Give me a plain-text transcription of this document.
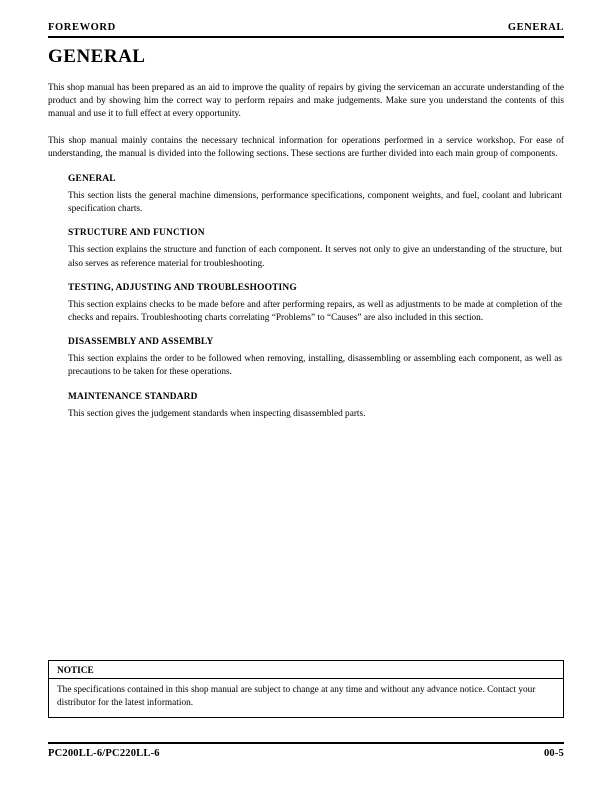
FOREWORD	GENERAL
GENERAL

This shop manual has been prepared as an aid to improve the quality of repairs by giving the serviceman an accurate understanding of the product and by showing him the correct way to perform repairs and make judgements. Make sure you understand the contents of this manual and use it to full effect at every opportunity.

This shop manual mainly contains the necessary technical information for operations performed in a service workshop. For ease of understanding, the manual is divided into the following sections. These sections are further divided into each main group of components.

GENERAL

This section lists the general machine dimensions, performance specifications, component weights, and fuel, coolant and lubricant specification charts.

STRUCTURE AND FUNCTION

This section explains the structure and function of each component. It serves not only to give an understanding of the structure, but also serves as reference material for troubleshooting.

TESTING, ADJUSTING AND TROUBLESHOOTING

This section explains checks to be made before and after performing repairs, as well as adjustments to be made at completion of the checks and repairs. Troubleshooting charts correlating “Problems” to “Causes” are also included in this section.

DISASSEMBLY AND ASSEMBLY

This section explains the order to be followed when removing, installing, disassembling or assembling each component, as well as precautions to be taken for these operations.

MAINTENANCE STANDARD

This section gives the judgement standards when inspecting disassembled parts.

NOTICE
The specifications contained in this shop manual are subject to change at any time and without any advance notice. Contact your distributor for the latest information.
PC200LL-6/PC220LL-6	00-5
